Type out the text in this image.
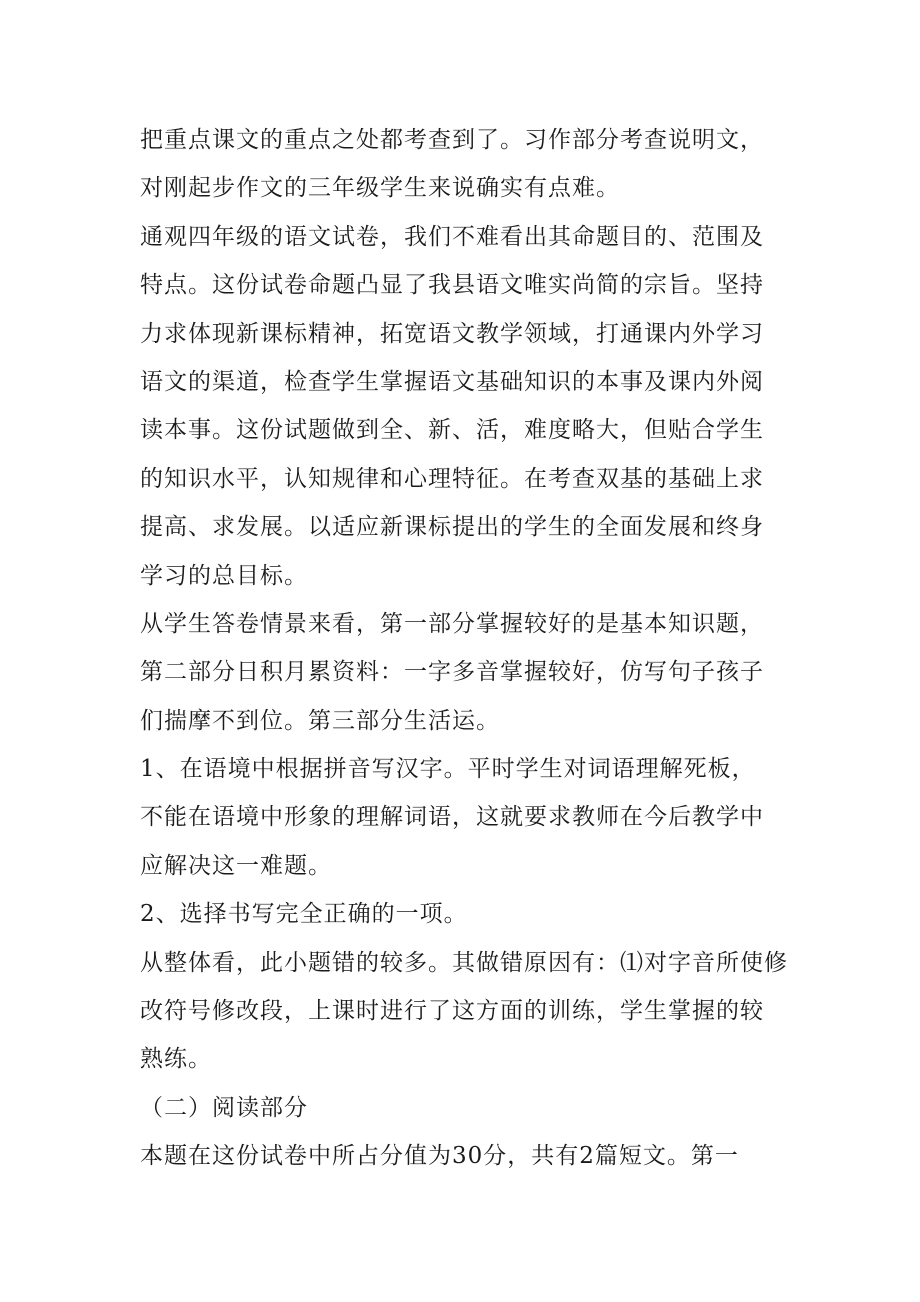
把重点课文的重点之处都考查到了。习作部分考查说明文，
对刚起步作文的三年级学生来说确实有点难。
通观四年级的语文试卷，我们不难看出其命题目的、范围及
特点。这份试卷命题凸显了我县语文唯实尚简的宗旨。坚持
力求体现新课标精神，拓宽语文教学领域，打通课内外学习
语文的渠道，检查学生掌握语文基础知识的本事及课内外阅
读本事。这份试题做到全、新、活，难度略大，但贴合学生
的知识水平，认知规律和心理特征。在考查双基的基础上求
提高、求发展。以适应新课标提出的学生的全面发展和终身
学习的总目标。
从学生答卷情景来看，第一部分掌握较好的是基本知识题，
第二部分日积月累资料：一字多音掌握较好，仿写句子孩子
们揣摩不到位。第三部分生活运。
1、在语境中根据拼音写汉字。平时学生对词语理解死板，
不能在语境中形象的理解词语，这就要求教师在今后教学中
应解决这一难题。
2、选择书写完全正确的一项。
从整体看，此小题错的较多。其做错原因有：⑴对字音所使修
改符号修改段，上课时进行了这方面的训练，学生掌握的较
熟练。
（二）阅读部分
本题在这份试卷中所占分值为30分，共有2篇短文。第一
